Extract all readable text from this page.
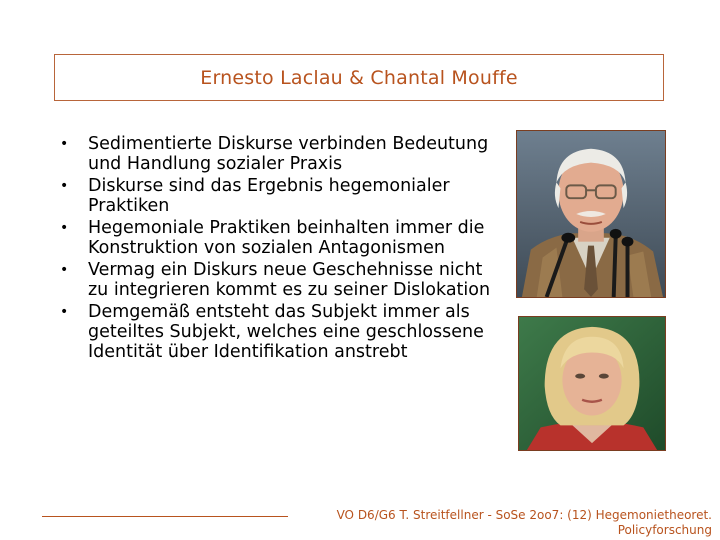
Ernesto Laclau & Chantal Mouffe
• Sedimentierte Diskurse verbinden Bedeutung und Handlung sozialer Praxis
• Diskurse sind das Ergebnis hegemonialer Praktiken
• Hegemoniale Praktiken beinhalten immer die Konstruktion von sozialen Antagonismen
• Vermag ein Diskurs neue Geschehnisse nicht zu integrieren kommt es zu seiner Dislokation
• Demgemäß entsteht das Subjekt immer als geteiltes Subjekt, welches eine geschlossene Identität über Identifikation anstrebt
VO D6/G6 T. Streitfellner - SoSe 2oo7: (12) Hegemonietheoret.
Policyforschung
